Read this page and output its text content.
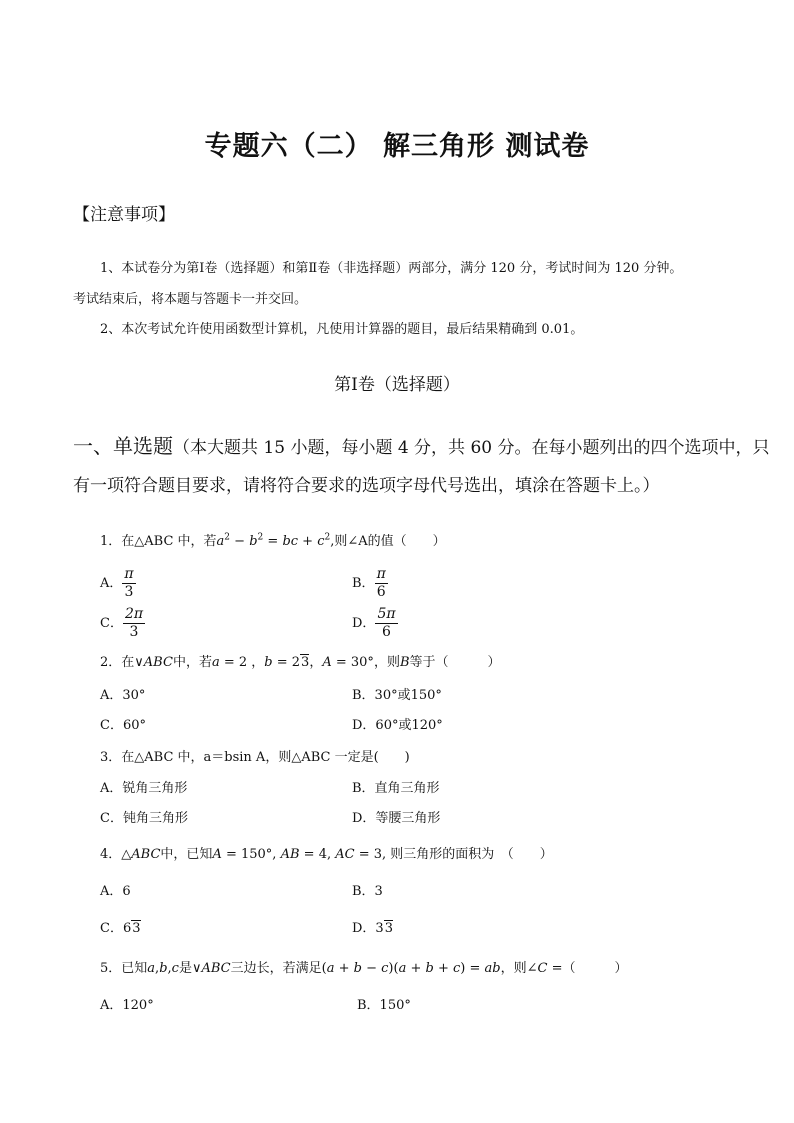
专题六（二） 解三角形 测试卷
【注意事项】
1、本试卷分为第Ⅰ卷（选择题）和第Ⅱ卷（非选择题）两部分，满分 120 分，考试时间为 120 分钟。
考试结束后，将本题与答题卡一并交回。
2、本次考试允许使用函数型计算机，凡使用计算器的题目，最后结果精确到 0.01。
第Ⅰ卷（选择题）
一、单选题（本大题共 15 小题，每小题 4 分，共 60 分。在每小题列出的四个选项中，只
有一项符合题目要求，请将符合要求的选项字母代号选出，填涂在答题卡上。）
1．在△ABC 中，若$a^2 - b^2$ = bc + $c^2$,则∠A的值（　　）
A． $\frac{\pi}{3}$	B． $\frac{\pi}{6}$
C． $\frac{2\pi}{3}$	D． $\frac{5\pi}{6}$
2．在∨ABC中，若a = 2 ，b = 23，A = 30°，则B等于（　　　）
A．30°	B．30°或150°
C．60°	D．60°或120°
3．在△ABC 中，a＝bsin A，则△ABC 一定是(　　)
A．锐角三角形	B．直角三角形
C．钝角三角形	D．等腰三角形
4．△ABC中，已知A = 150°, AB = 4, AC = 3, 则三角形的面积为　（　　）
A．6	B．3
C．63	D．33
5．已知a,b,c是∨ABC三边长，若满足(a + b − c)(a + b + c) = ab，则∠C =（　　　）
A．120°	B．150°
